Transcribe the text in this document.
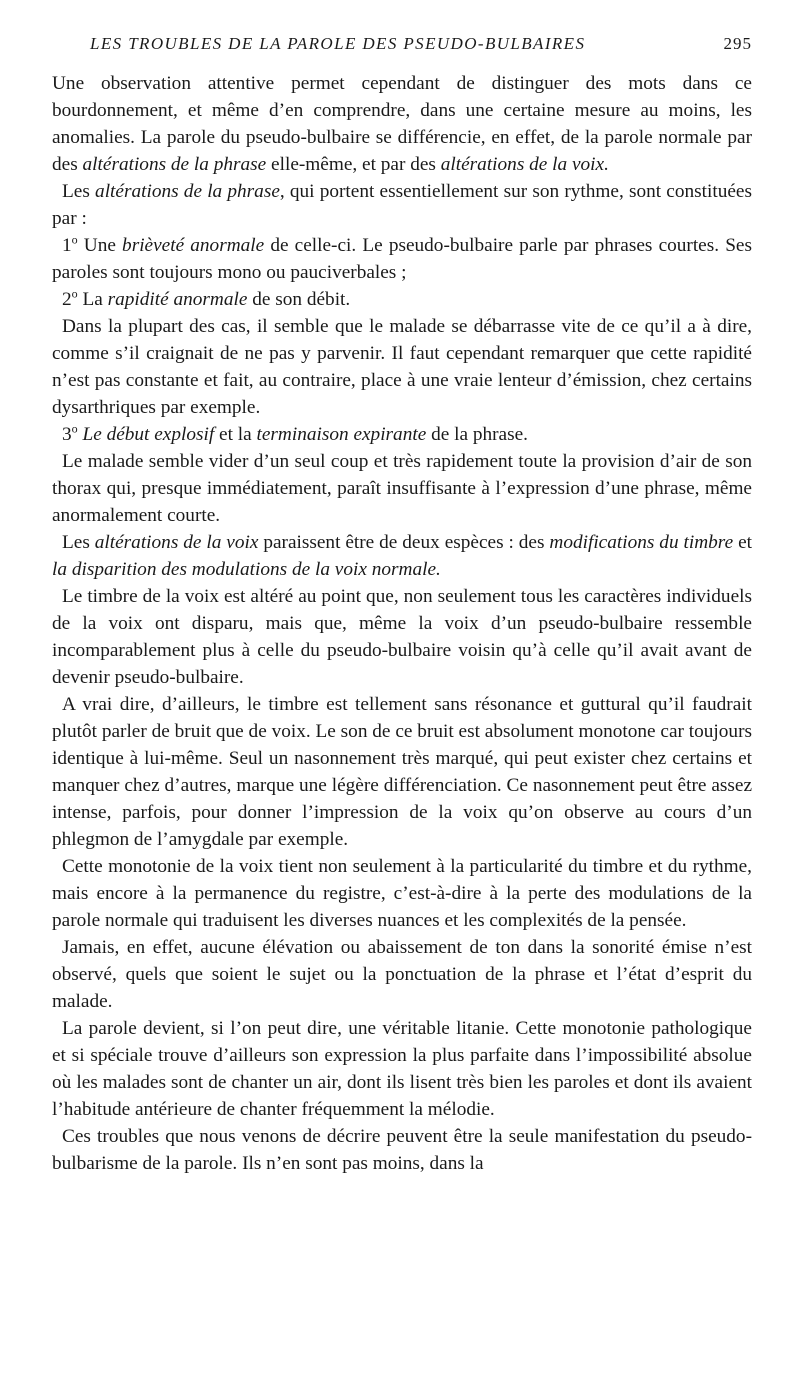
LES TROUBLES DE LA PAROLE DES PSEUDO-BULBAIRES	295

Une observation attentive permet cependant de distinguer des mots dans ce bourdonnement, et même d’en comprendre, dans une certaine mesure au moins, les anomalies. La parole du pseudo-bulbaire se différencie, en effet, de la parole normale par des altérations de la phrase elle-même, et par des altérations de la voix.

Les altérations de la phrase, qui portent essentiellement sur son rythme, sont constituées par :

1$^o$ Une brièveté anormale de celle-ci. Le pseudo-bulbaire parle par phrases courtes. Ses paroles sont toujours mono ou pauciverbales ;

2$^o$ La rapidité anormale de son débit.

Dans la plupart des cas, il semble que le malade se débarrasse vite de ce qu’il a à dire, comme s’il craignait de ne pas y parvenir. Il faut cependant remarquer que cette rapidité n’est pas constante et fait, au contraire, place à une vraie lenteur d’émission, chez certains dysarthriques par exemple.

3$^o$ Le début explosif et la terminaison expirante de la phrase.

Le malade semble vider d’un seul coup et très rapidement toute la provision d’air de son thorax qui, presque immédiatement, paraît insuffisante à l’expression d’une phrase, même anormalement courte.

Les altérations de la voix paraissent être de deux espèces : des modifications du timbre et la disparition des modulations de la voix normale.

Le timbre de la voix est altéré au point que, non seulement tous les caractères individuels de la voix ont disparu, mais que, même la voix d’un pseudo-bulbaire ressemble incomparablement plus à celle du pseudo-bulbaire voisin qu’à celle qu’il avait avant de devenir pseudo-bulbaire.

A vrai dire, d’ailleurs, le timbre est tellement sans résonance et guttural qu’il faudrait plutôt parler de bruit que de voix. Le son de ce bruit est absolument monotone car toujours identique à lui-même. Seul un nasonnement très marqué, qui peut exister chez certains et manquer chez d’autres, marque une légère différenciation. Ce nasonnement peut être assez intense, parfois, pour donner l’impression de la voix qu’on observe au cours d’un phlegmon de l’amygdale par exemple.

Cette monotonie de la voix tient non seulement à la particularité du timbre et du rythme, mais encore à la permanence du registre, c’est-à-dire à la perte des modulations de la parole normale qui traduisent les diverses nuances et les complexités de la pensée.

Jamais, en effet, aucune élévation ou abaissement de ton dans la sonorité émise n’est observé, quels que soient le sujet ou la ponctuation de la phrase et l’état d’esprit du malade.

La parole devient, si l’on peut dire, une véritable litanie. Cette monotonie pathologique et si spéciale trouve d’ailleurs son expression la plus parfaite dans l’impossibilité absolue où les malades sont de chanter un air, dont ils lisent très bien les paroles et dont ils avaient l’habitude antérieure de chanter fréquemment la mélodie.

Ces troubles que nous venons de décrire peuvent être la seule manifestation du pseudo-bulbarisme de la parole. Ils n’en sont pas moins, dans la
